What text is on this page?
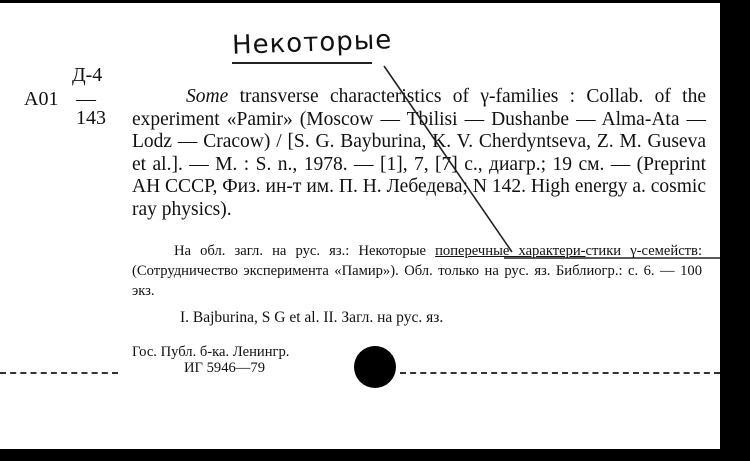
Некоторые
Д-4
A01 —
143

Some transverse characteristics of γ-families : Collab. of the experiment «Pamir» (Moscow — Tbilisi — Dushanbe — Alma-Ata — Lodz — Cracow) / [S. G. Bayburina, K. V. Cherdyntseva, Z. M. Guseva et al.]. — M. : S. n., 1978. — [1], 7, [7] с., диагр.; 19 см. — (Preprint АН СССР, Физ. ин-т им. П. Н. Лебедева; N 142. High energy a. cosmic ray physics).

На обл. загл. на рус. яз.: Некоторые поперечные характери-стики γ-семейств: (Сотрудничество эксперимента «Памир»). Обл. только на рус. яз. Библиогр.: с. 6. — 100 экз.

I. Bajburina, S G et al. II. Загл. на рус. яз.
Гос. Публ. б-ка. Ленингр.
ИГ 5946—79
